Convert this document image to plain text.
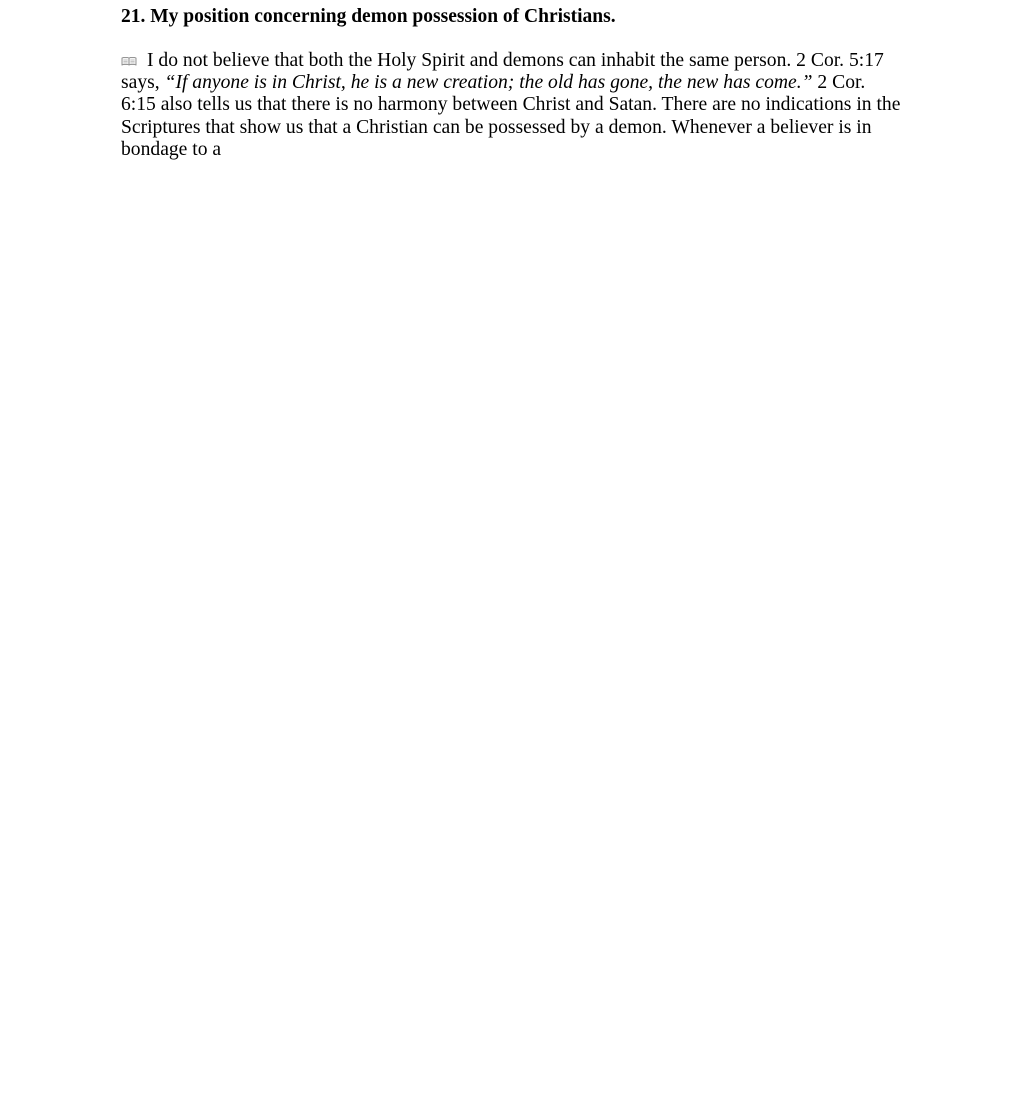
21. My position concerning demon possession of Christians.

I do not believe that both the Holy Spirit and demons can inhabit the same person. 2 Cor. 5:17 says, “If anyone is in Christ, he is a new creation; the old has gone, the new has come.” 2 Cor. 6:15 also tells us that there is no harmony between Christ and Satan. There are no indications in the Scriptures that show us that a Christian can be possessed by a demon. Whenever a believer is in bondage to a
